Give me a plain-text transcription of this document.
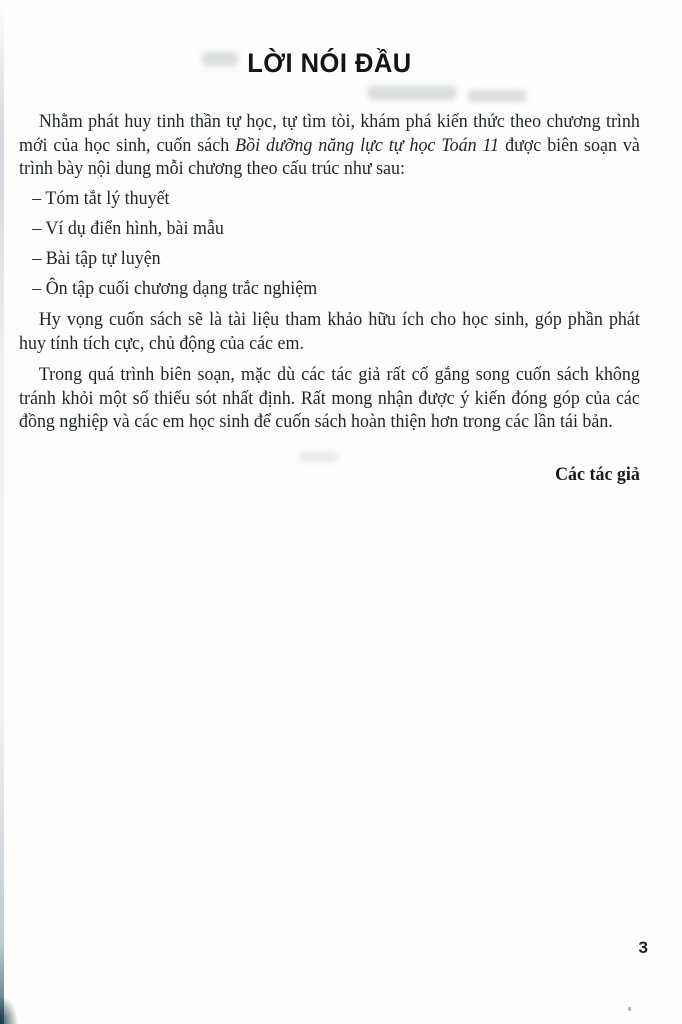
LỜI NÓI ĐẦU

Nhằm phát huy tinh thần tự học, tự tìm tòi, khám phá kiến thức theo chương trình mới của học sinh, cuốn sách Bồi dưỡng năng lực tự học Toán 11 được biên soạn và trình bày nội dung mỗi chương theo cấu trúc như sau:

– Tóm tắt lý thuyết
– Ví dụ điển hình, bài mẫu
– Bài tập tự luyện
– Ôn tập cuối chương dạng trắc nghiệm

Hy vọng cuốn sách sẽ là tài liệu tham khảo hữu ích cho học sinh, góp phần phát huy tính tích cực, chủ động của các em.

Trong quá trình biên soạn, mặc dù các tác giả rất cố gắng song cuốn sách không tránh khỏi một số thiếu sót nhất định. Rất mong nhận được ý kiến đóng góp của các đồng nghiệp và các em học sinh để cuốn sách hoàn thiện hơn trong các lần tái bản.

Các tác giả
3
